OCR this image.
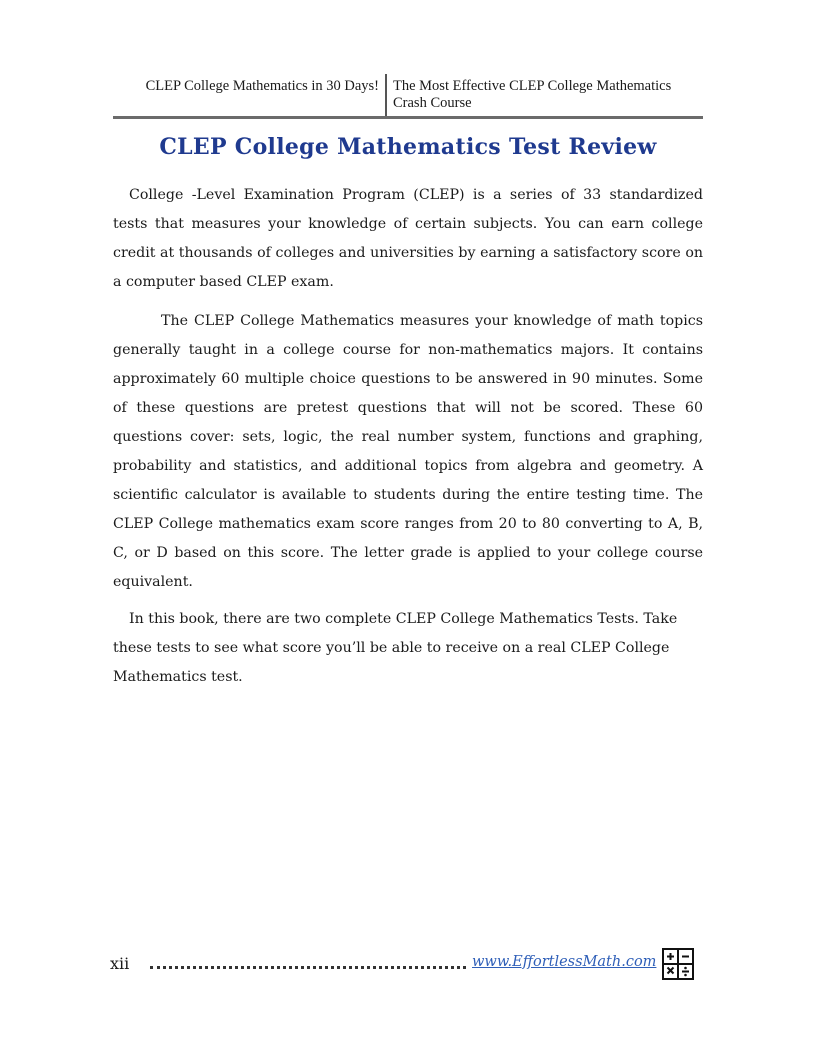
CLEP College Mathematics in 30 Days! The Most Effective CLEP College Mathematics Crash Course
CLEP College Mathematics Test Review

College -Level Examination Program (CLEP) is a series of 33 standardized tests that measures your knowledge of certain subjects. You can earn college credit at thousands of colleges and universities by earning a satisfactory score on a computer based CLEP exam.

The CLEP College Mathematics measures your knowledge of math topics generally taught in a college course for non-mathematics majors. It contains approximately 60 multiple choice questions to be answered in 90 minutes. Some of these questions are pretest questions that will not be scored. These 60 questions cover: sets, logic, the real number system, functions and graphing, probability and statistics, and additional topics from algebra and geometry. A scientific calculator is available to students during the entire testing time. The CLEP College mathematics exam score ranges from 20 to 80 converting to A, B, C, or D based on this score. The letter grade is applied to your college course equivalent.

In this book, there are two complete CLEP College Mathematics Tests. Take these tests to see what score you’ll be able to receive on a real CLEP College Mathematics test.

xii	www.EffortlessMath.com
